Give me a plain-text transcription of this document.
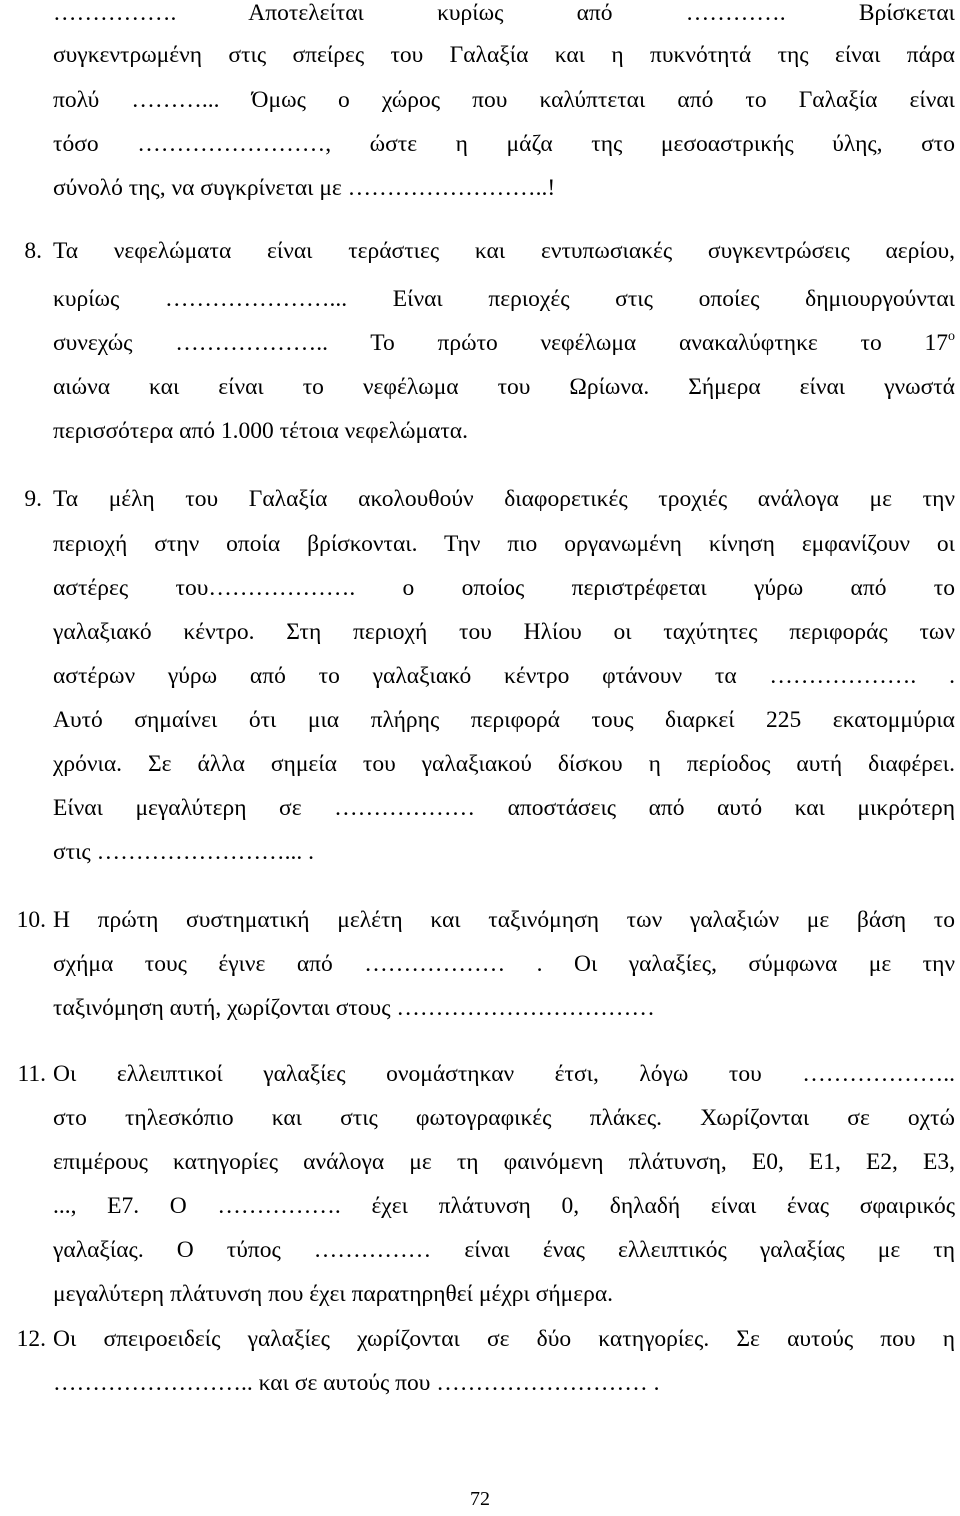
……………. Αποτελείται κυρίως από …………. Βρίσκεται
συγκεντρωμένη στις σπείρες του Γαλαξία και η πυκνότητά της είναι πάρα
πολύ ………... Όμως ο χώρος που καλύπτεται από το Γαλαξία είναι
τόσο ……………………, ώστε η μάζα της μεσοαστρικής ύλης, στο
σύνολό της, να συγκρίνεται με ……………………..!
8. Τα νεφελώματα είναι τεράστιες και εντυπωσιακές συγκεντρώσεις αερίου,
κυρίως …………………... Είναι περιοχές στις οποίες δημιουργούνται
συνεχώς ……………….. Το πρώτο νεφέλωμα ανακαλύφτηκε το $17^o$
αιώνα και είναι το νεφέλωμα του Ωρίωνα. Σήμερα είναι γνωστά
περισσότερα από 1.000 τέτοια νεφελώματα.
9. Τα μέλη του Γαλαξία ακολουθούν διαφορετικές τροχιές ανάλογα με την
περιοχή στην οποία βρίσκονται. Την πιο οργανωμένη κίνηση εμφανίζουν οι
αστέρες του………………. ο οποίος περιστρέφεται γύρω από το
γαλαξιακό κέντρο. Στη περιοχή του Ηλίου οι ταχύτητες περιφοράς των
αστέρων γύρω από το γαλαξιακό κέντρο φτάνουν τα ………………. .
Αυτό σημαίνει ότι μια πλήρης περιφορά τους διαρκεί 225 εκατομμύρια
χρόνια. Σε άλλα σημεία του γαλαξιακού δίσκου η περίοδος αυτή διαφέρει.
Είναι μεγαλύτερη σε ……………… αποστάσεις από αυτό και μικρότερη
στις ……………………... .
10. Η πρώτη συστηματική μελέτη και ταξινόμηση των γαλαξιών με βάση το
σχήμα τους έγινε από ……………… . Οι γαλαξίες, σύμφωνα με την
ταξινόμηση αυτή, χωρίζονται στους ……………………………
11. Οι ελλειπτικοί γαλαξίες ονομάστηκαν έτσι, λόγω του ………………..
στο τηλεσκόπιο και στις φωτογραφικές πλάκες. Χωρίζονται σε οχτώ
επιμέρους κατηγορίες ανάλογα με τη φαινόμενη πλάτυνση, Ε0, Ε1, Ε2, Ε3,
..., Ε7. Ο ……………. έχει πλάτυνση 0, δηλαδή είναι ένας σφαιρικός
γαλαξίας. Ο τύπος …………… είναι ένας ελλειπτικός γαλαξίας με τη
μεγαλύτερη πλάτυνση που έχει παρατηρηθεί μέχρι σήμερα.
12. Οι σπειροειδείς γαλαξίες χωρίζονται σε δύο κατηγορίες. Σε αυτούς που η
…………………….. και σε αυτούς που ……………………… .
72
